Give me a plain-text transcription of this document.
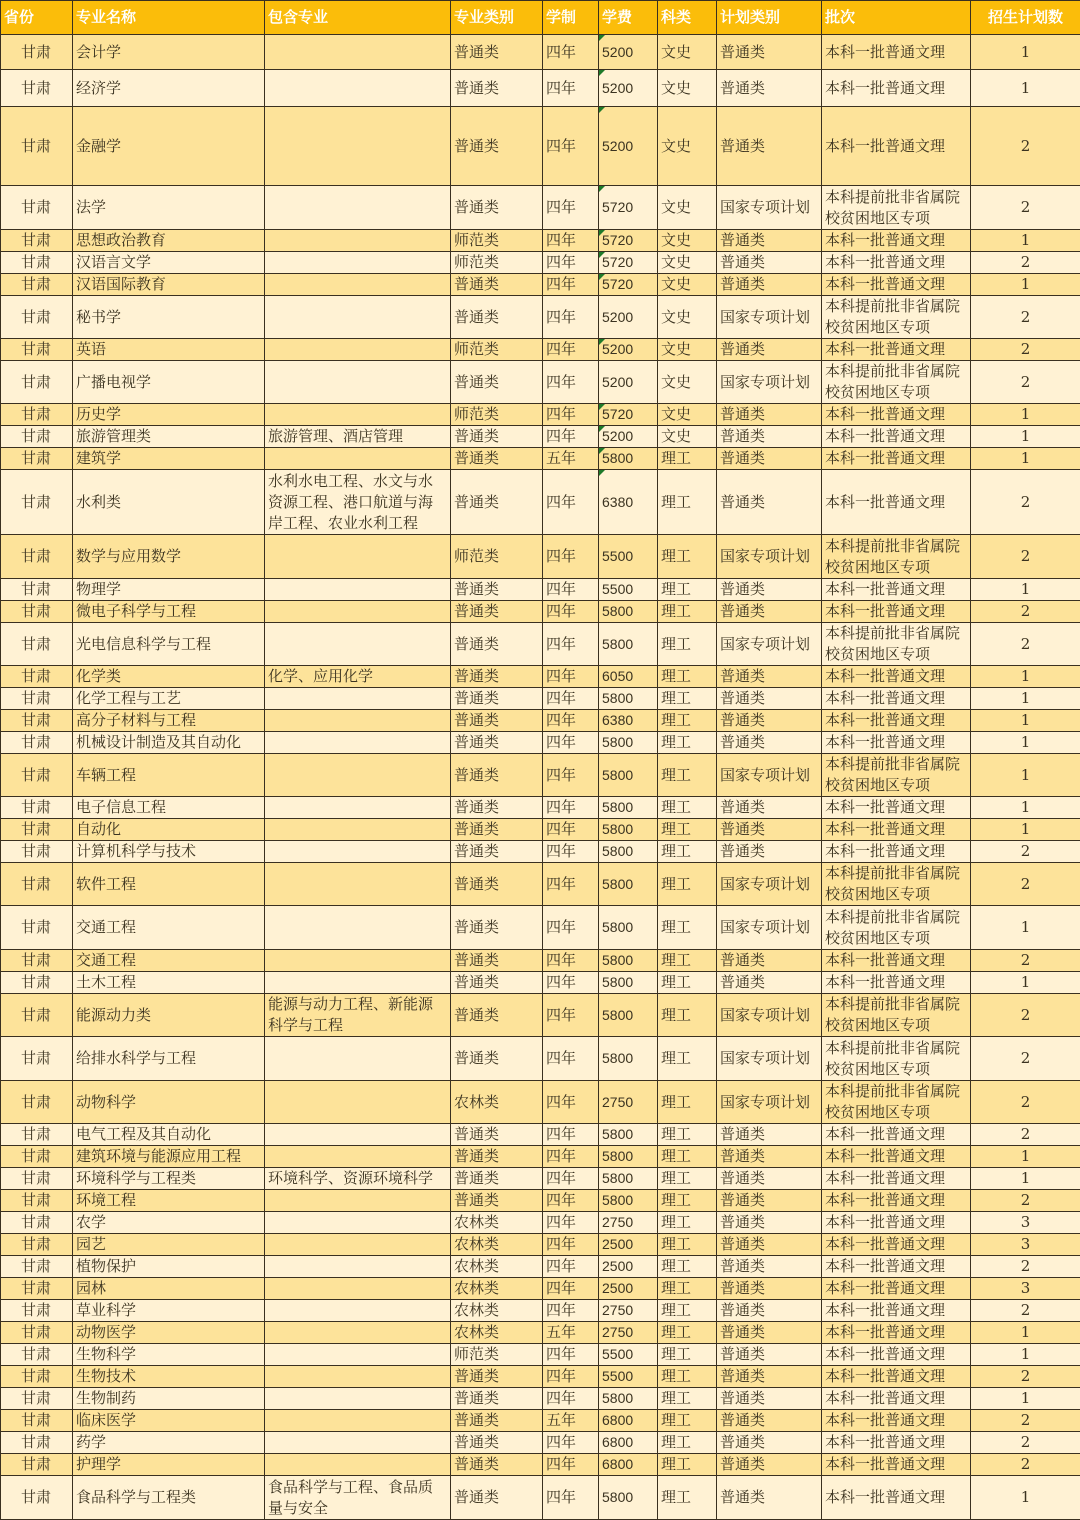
省份	专业名称	包含专业	专业类别	学制	学费	科类	计划类别	批次	招生计划数
甘肃	会计学		普通类	四年	5200	文史	普通类	本科一批普通文理	1
甘肃	经济学		普通类	四年	5200	文史	普通类	本科一批普通文理	1
甘肃	金融学		普通类	四年	5200	文史	普通类	本科一批普通文理	2
甘肃	法学		普通类	四年	5720	文史	国家专项计划	本科提前批非省属院校贫困地区专项	2
甘肃	思想政治教育		师范类	四年	5720	文史	普通类	本科一批普通文理	1
甘肃	汉语言文学		师范类	四年	5720	文史	普通类	本科一批普通文理	2
甘肃	汉语国际教育		普通类	四年	5720	文史	普通类	本科一批普通文理	1
甘肃	秘书学		普通类	四年	5200	文史	国家专项计划	本科提前批非省属院校贫困地区专项	2
甘肃	英语		师范类	四年	5200	文史	普通类	本科一批普通文理	2
甘肃	广播电视学		普通类	四年	5200	文史	国家专项计划	本科提前批非省属院校贫困地区专项	2
甘肃	历史学		师范类	四年	5720	文史	普通类	本科一批普通文理	1
甘肃	旅游管理类	旅游管理、酒店管理	普通类	四年	5200	文史	普通类	本科一批普通文理	1
甘肃	建筑学		普通类	五年	5800	理工	普通类	本科一批普通文理	1
甘肃	水利类	水利水电工程、水文与水资源工程、港口航道与海岸工程、农业水利工程	普通类	四年	6380	理工	普通类	本科一批普通文理	2
甘肃	数学与应用数学		师范类	四年	5500	理工	国家专项计划	本科提前批非省属院校贫困地区专项	2
甘肃	物理学		普通类	四年	5500	理工	普通类	本科一批普通文理	1
甘肃	微电子科学与工程		普通类	四年	5800	理工	普通类	本科一批普通文理	2
甘肃	光电信息科学与工程		普通类	四年	5800	理工	国家专项计划	本科提前批非省属院校贫困地区专项	2
甘肃	化学类	化学、应用化学	普通类	四年	6050	理工	普通类	本科一批普通文理	1
甘肃	化学工程与工艺		普通类	四年	5800	理工	普通类	本科一批普通文理	1
甘肃	高分子材料与工程		普通类	四年	6380	理工	普通类	本科一批普通文理	1
甘肃	机械设计制造及其自动化		普通类	四年	5800	理工	普通类	本科一批普通文理	1
甘肃	车辆工程		普通类	四年	5800	理工	国家专项计划	本科提前批非省属院校贫困地区专项	1
甘肃	电子信息工程		普通类	四年	5800	理工	普通类	本科一批普通文理	1
甘肃	自动化		普通类	四年	5800	理工	普通类	本科一批普通文理	1
甘肃	计算机科学与技术		普通类	四年	5800	理工	普通类	本科一批普通文理	2
甘肃	软件工程		普通类	四年	5800	理工	国家专项计划	本科提前批非省属院校贫困地区专项	2
甘肃	交通工程		普通类	四年	5800	理工	国家专项计划	本科提前批非省属院校贫困地区专项	1
甘肃	交通工程		普通类	四年	5800	理工	普通类	本科一批普通文理	2
甘肃	土木工程		普通类	四年	5800	理工	普通类	本科一批普通文理	1
甘肃	能源动力类	能源与动力工程、新能源科学与工程	普通类	四年	5800	理工	国家专项计划	本科提前批非省属院校贫困地区专项	2
甘肃	给排水科学与工程		普通类	四年	5800	理工	国家专项计划	本科提前批非省属院校贫困地区专项	2
甘肃	动物科学		农林类	四年	2750	理工	国家专项计划	本科提前批非省属院校贫困地区专项	2
甘肃	电气工程及其自动化		普通类	四年	5800	理工	普通类	本科一批普通文理	2
甘肃	建筑环境与能源应用工程		普通类	四年	5800	理工	普通类	本科一批普通文理	1
甘肃	环境科学与工程类	环境科学、资源环境科学	普通类	四年	5800	理工	普通类	本科一批普通文理	1
甘肃	环境工程		普通类	四年	5800	理工	普通类	本科一批普通文理	2
甘肃	农学		农林类	四年	2750	理工	普通类	本科一批普通文理	3
甘肃	园艺		农林类	四年	2500	理工	普通类	本科一批普通文理	3
甘肃	植物保护		农林类	四年	2500	理工	普通类	本科一批普通文理	2
甘肃	园林		农林类	四年	2500	理工	普通类	本科一批普通文理	3
甘肃	草业科学		农林类	四年	2750	理工	普通类	本科一批普通文理	2
甘肃	动物医学		农林类	五年	2750	理工	普通类	本科一批普通文理	1
甘肃	生物科学		师范类	四年	5500	理工	普通类	本科一批普通文理	1
甘肃	生物技术		普通类	四年	5500	理工	普通类	本科一批普通文理	2
甘肃	生物制药		普通类	四年	5800	理工	普通类	本科一批普通文理	1
甘肃	临床医学		普通类	五年	6800	理工	普通类	本科一批普通文理	2
甘肃	药学		普通类	四年	6800	理工	普通类	本科一批普通文理	2
甘肃	护理学		普通类	四年	6800	理工	普通类	本科一批普通文理	2
甘肃	食品科学与工程类	食品科学与工程、食品质量与安全	普通类	四年	5800	理工	普通类	本科一批普通文理	1
